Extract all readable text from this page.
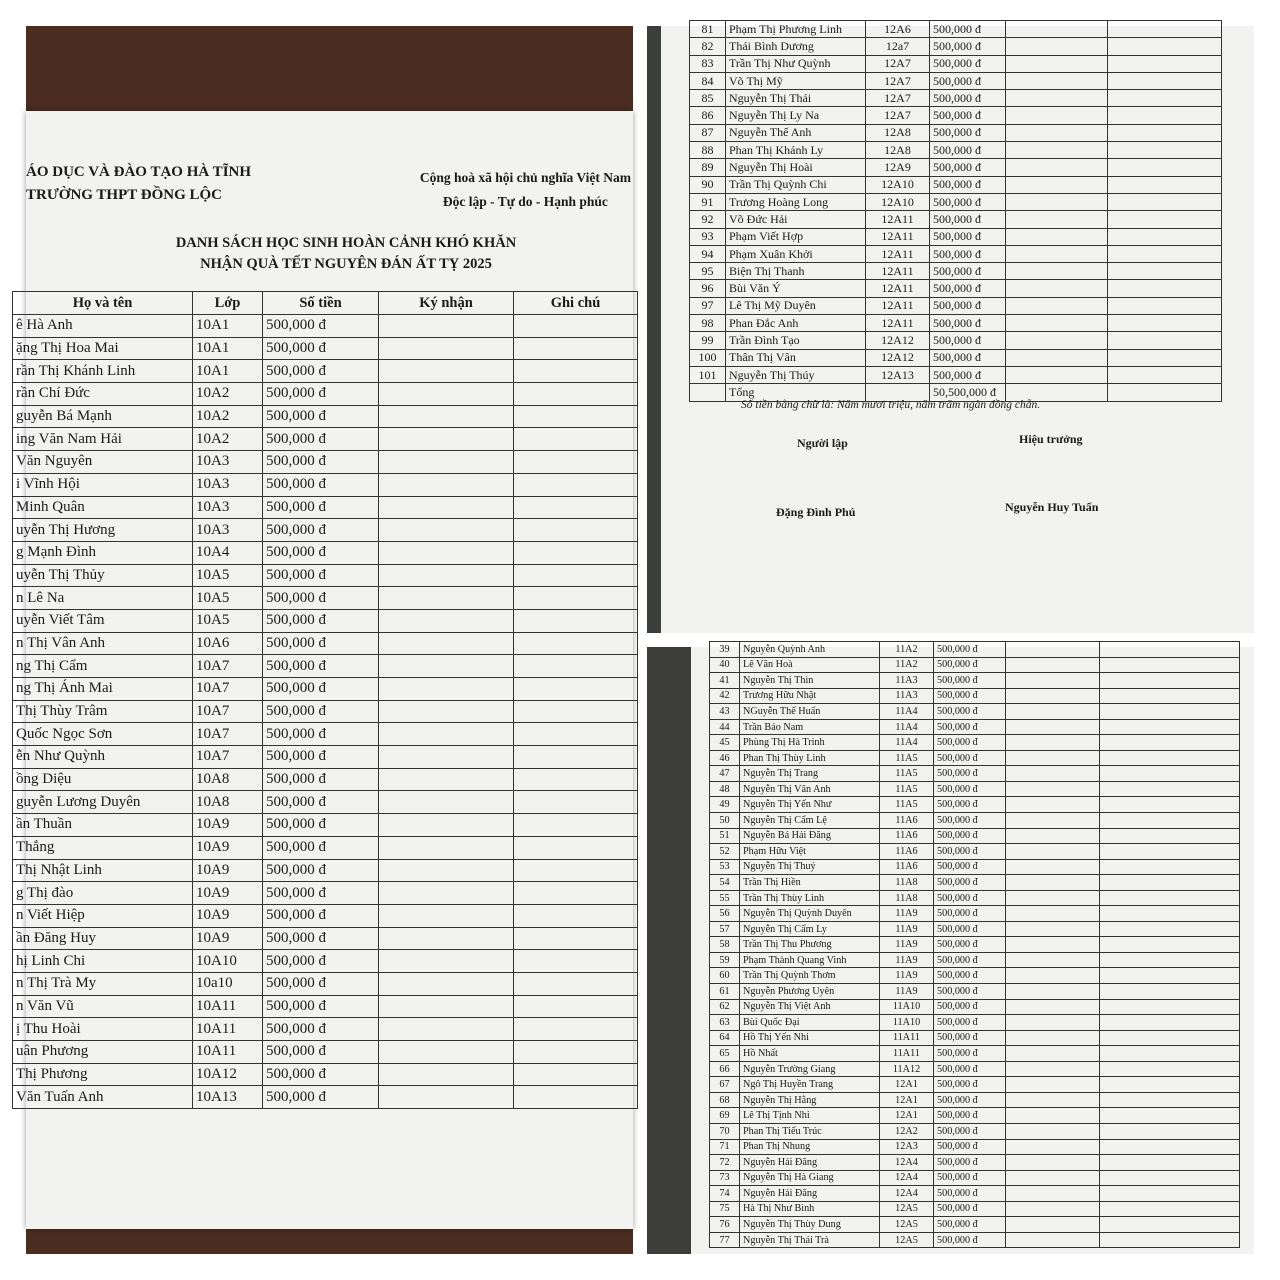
ÁO DỤC VÀ ĐÀO TẠO HÀ TĨNH
TRƯỜNG THPT ĐỒNG LỘC
Cộng hoà xã hội chủ nghĩa Việt Nam
Độc lập - Tự do - Hạnh phúc
DANH SÁCH HỌC SINH HOÀN CẢNH KHÓ KHĂN
NHẬN QUÀ TẾT NGUYÊN ĐÁN ẤT TỴ 2025
Họ và tên	Lớp	Số tiền	Ký nhận	Ghi chú
ê Hà Anh	10A1	500,000 đ		
ặng Thị Hoa Mai	10A1	500,000 đ		
rần Thị Khánh Linh	10A1	500,000 đ		
rần Chí Đức	10A2	500,000 đ		
guyễn Bá Mạnh	10A2	500,000 đ		
ing Văn Nam Hải	10A2	500,000 đ		
Văn Nguyên	10A3	500,000 đ		
i Vĩnh Hội	10A3	500,000 đ		
Minh Quân	10A3	500,000 đ		
uyễn Thị Hương	10A3	500,000 đ		
g Mạnh Đình	10A4	500,000 đ		
uyễn Thị Thủy	10A5	500,000 đ		
n Lê Na	10A5	500,000 đ		
uyễn Viết Tâm	10A5	500,000 đ		
n Thị Vân Anh	10A6	500,000 đ		
ng Thị Cẩm	10A7	500,000 đ		
ng Thị Ánh Mai	10A7	500,000 đ		
Thị Thùy Trâm	10A7	500,000 đ		
Quốc Ngọc Sơn	10A7	500,000 đ		
ễn Như Quỳnh	10A7	500,000 đ		
ồng Diệu	10A8	500,000 đ		
guyễn Lương Duyên	10A8	500,000 đ		
ần Thuần	10A9	500,000 đ		
Thắng	10A9	500,000 đ		
Thị Nhật Linh	10A9	500,000 đ		
g Thị đào	10A9	500,000 đ		
n Viết Hiệp	10A9	500,000 đ		
ần Đăng Huy	10A9	500,000 đ		
hị Linh Chi	10A10	500,000 đ		
n Thị Trà My	10a10	500,000 đ		
n Văn Vũ	10A11	500,000 đ		
ị Thu Hoài	10A11	500,000 đ		
uân Phương	10A11	500,000 đ		
Thị Phương	10A12	500,000 đ		
Văn Tuấn Anh	10A13	500,000 đ		
81	Phạm Thị Phương Linh	12A6	500,000 đ		
82	Thái Bình Dương	12a7	500,000 đ		
83	Trần Thị Như Quỳnh	12A7	500,000 đ		
84	Võ Thị Mỹ	12A7	500,000 đ		
85	Nguyễn Thị Thái	12A7	500,000 đ		
86	Nguyễn Thị Ly Na	12A7	500,000 đ		
87	Nguyễn Thế Anh	12A8	500,000 đ		
88	Phan Thị Khánh Ly	12A8	500,000 đ		
89	Nguyễn Thị Hoài	12A9	500,000 đ		
90	Trần Thị Quỳnh Chi	12A10	500,000 đ		
91	Trương Hoàng Long	12A10	500,000 đ		
92	Võ Đức Hải	12A11	500,000 đ		
93	Phạm Viết Hợp	12A11	500,000 đ		
94	Phạm Xuân Khởi	12A11	500,000 đ		
95	Biện Thị Thanh	12A11	500,000 đ		
96	Bùi Văn Ý	12A11	500,000 đ		
97	Lê Thị Mỹ Duyên	12A11	500,000 đ		
98	Phan Đắc Anh	12A11	500,000 đ		
99	Trần Đình Tạo	12A12	500,000 đ		
100	Thân Thị Vân	12A12	500,000 đ		
101	Nguyễn Thị Thúy	12A13	500,000 đ		
	Tổng		50,500,000 đ		
Số tiền bằng chữ là: Năm mươi triệu, năm trăm ngàn đồng chẵn.
Người lập	Hiệu trưởng
Đặng Đình Phú	Nguyễn Huy Tuấn
39	Nguyễn Quỳnh Anh	11A2	500,000 đ		
40	Lê Văn Hoà	11A2	500,000 đ		
41	Nguyễn Thị Thìn	11A3	500,000 đ		
42	Trương Hữu Nhật	11A3	500,000 đ		
43	NGuyễn Thế Huấn	11A4	500,000 đ		
44	Trần Bảo Nam	11A4	500,000 đ		
45	Phùng Thị Hà Trinh	11A4	500,000 đ		
46	Phan Thị Thùy Linh	11A5	500,000 đ		
47	Nguyễn Thị Trang	11A5	500,000 đ		
48	Nguyễn Thị Vân Anh	11A5	500,000 đ		
49	Nguyễn Thị Yến Như	11A5	500,000 đ		
50	Nguyễn Thị Cẩm Lệ	11A6	500,000 đ		
51	Nguyễn Bá Hải Đăng	11A6	500,000 đ		
52	Phạm Hữu Việt	11A6	500,000 đ		
53	Nguyễn Thị Thuý	11A6	500,000 đ		
54	Trần Thị Hiền	11A8	500,000 đ		
55	Trần Thị Thùy Linh	11A8	500,000 đ		
56	Nguyễn Thị Quỳnh Duyên	11A9	500,000 đ		
57	Nguyễn Thị Cẩm Ly	11A9	500,000 đ		
58	Trần Thị Thu Phương	11A9	500,000 đ		
59	Phạm Thành Quang Vinh	11A9	500,000 đ		
60	Trần Thị Quỳnh Thơm	11A9	500,000 đ		
61	Nguyễn Phương Uyên	11A9	500,000 đ		
62	Nguyễn Thị Việt Anh	11A10	500,000 đ		
63	Bùi Quốc Đại	11A10	500,000 đ		
64	Hồ Thị Yến Nhi	11A11	500,000 đ		
65	Hồ Nhất	11A11	500,000 đ		
66	Nguyễn Trường Giang	11A12	500,000 đ		
67	Ngô Thị Huyền Trang	12A1	500,000 đ		
68	Nguyễn Thị Hằng	12A1	500,000 đ		
69	Lê Thị Tịnh Nhi	12A1	500,000 đ		
70	Phan Thị Tiểu Trúc	12A2	500,000 đ		
71	Phan Thị Nhung	12A3	500,000 đ		
72	Nguyễn Hải Đăng	12A4	500,000 đ		
73	Nguyễn Thị Hà Giang	12A4	500,000 đ		
74	Nguyễn Hải Đăng	12A4	500,000 đ		
75	Hà Thị Như Bình	12A5	500,000 đ		
76	Nguyễn Thị Thùy Dung	12A5	500,000 đ		
77	Nguyễn Thị Thái Trà	12A5	500,000 đ		
